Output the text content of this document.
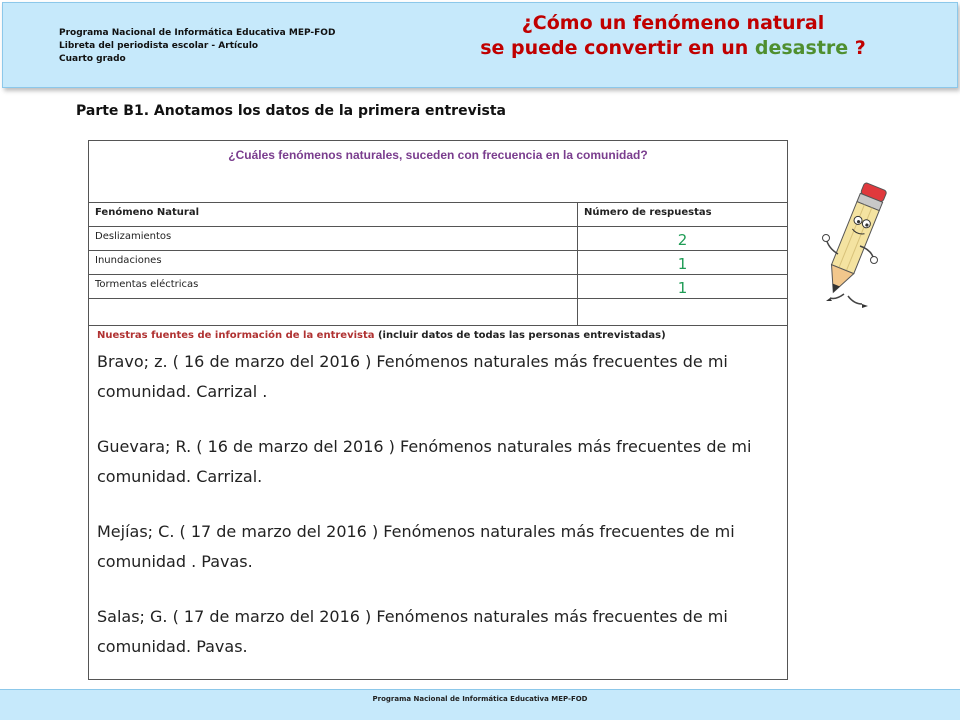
Programa Nacional de Informática Educativa MEP-FOD
Libreta del periodista escolar - Artículo
Cuarto grado
¿Cómo un fenómeno natural
se puede convertir en un desastre ?
Parte B1. Anotamos los datos de la primera entrevista
¿Cuáles fenómenos naturales, suceden con frecuencia en la comunidad?
Fenómeno Natural	Número de respuestas
Deslizamientos	2
Inundaciones	1
Tormentas eléctricas	1
Nuestras fuentes de información de la entrevista (incluir datos de todas las personas entrevistadas)
Bravo; z. ( 16 de marzo del 2016 ) Fenómenos naturales más frecuentes de mi comunidad. Carrizal .
Guevara; R. ( 16 de marzo del 2016 ) Fenómenos naturales más frecuentes de mi comunidad. Carrizal.
Mejías; C. ( 17 de marzo del 2016 ) Fenómenos naturales más frecuentes de mi comunidad . Pavas.
Salas; G. ( 17 de marzo del 2016 ) Fenómenos naturales más frecuentes de mi comunidad. Pavas.
Programa Nacional de Informática Educativa MEP-FOD
